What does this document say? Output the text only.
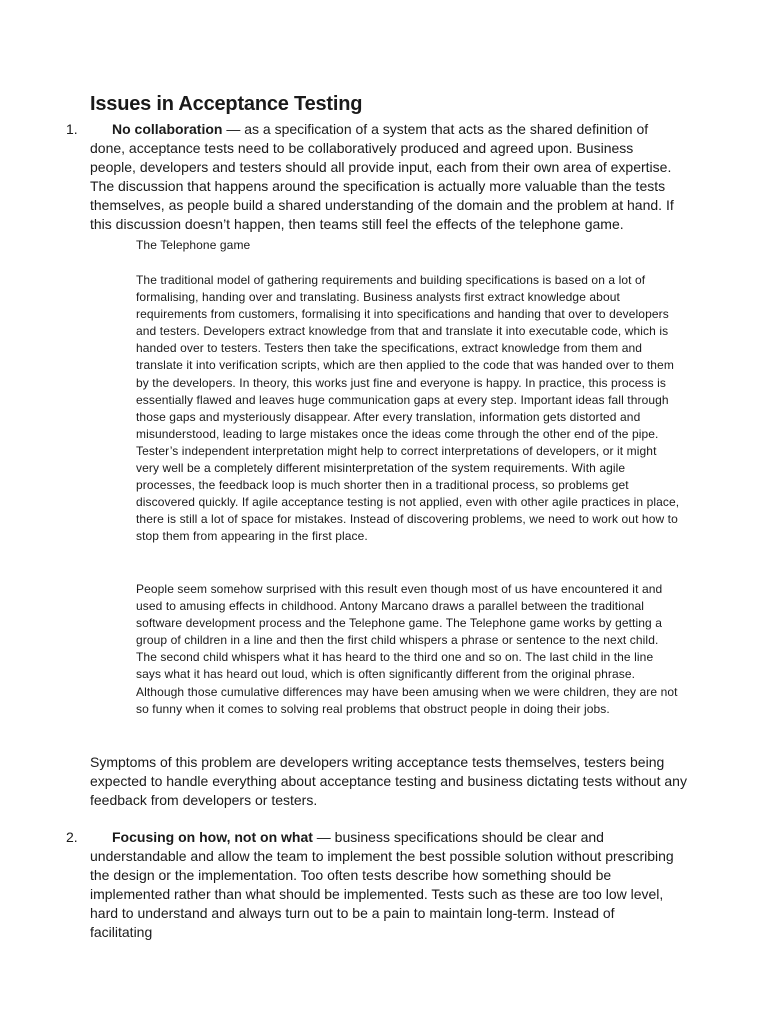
Issues in Acceptance Testing
1.	No collaboration — as a specification of a system that acts as the shared definition of done, acceptance tests need to be collaboratively produced and agreed upon. Business people, developers and testers should all provide input, each from their own area of expertise. The discussion that happens around the specification is actually more valuable than the tests themselves, as people build a shared understanding of the domain and the problem at hand. If this discussion doesn’t happen, then teams still feel the effects of the telephone game.

The Telephone game

The traditional model of gathering requirements and building specifications is based on a lot of formalising, handing over and translating. Business analysts first extract knowledge about requirements from customers, formalising it into specifications and handing that over to developers and testers. Developers extract knowledge from that and translate it into executable code, which is handed over to testers. Testers then take the specifications, extract knowledge from them and translate it into verification scripts, which are then applied to the code that was handed over to them by the developers. In theory, this works just fine and everyone is happy. In practice, this process is essentially flawed and leaves huge communication gaps at every step. Important ideas fall through those gaps and mysteriously disappear. After every translation, information gets distorted and misunderstood, leading to large mistakes once the ideas come through the other end of the pipe. Tester’s independent interpretation might help to correct interpretations of developers, or it might very well be a completely different misinterpretation of the system requirements. With agile processes, the feedback loop is much shorter then in a traditional process, so problems get discovered quickly. If agile acceptance testing is not applied, even with other agile practices in place, there is still a lot of space for mistakes. Instead of discovering problems, we need to work out how to stop them from appearing in the first place.

People seem somehow surprised with this result even though most of us have encountered it and used to amusing effects in childhood. Antony Marcano draws a parallel between the traditional software development process and the Telephone game. The Telephone game works by getting a group of children in a line and then the first child whispers a phrase or sentence to the next child. The second child whispers what it has heard to the third one and so on. The last child in the line says what it has heard out loud, which is often significantly different from the original phrase. Although those cumulative differences may have been amusing when we were children, they are not so funny when it comes to solving real problems that obstruct people in doing their jobs.

Symptoms of this problem are developers writing acceptance tests themselves, testers being expected to handle everything about acceptance testing and business dictating tests without any feedback from developers or testers.

2.	Focusing on how, not on what — business specifications should be clear and understandable and allow the team to implement the best possible solution without prescribing the design or the implementation. Too often tests describe how something should be implemented rather than what should be implemented. Tests such as these are too low level, hard to understand and always turn out to be a pain to maintain long-term. Instead of facilitating
